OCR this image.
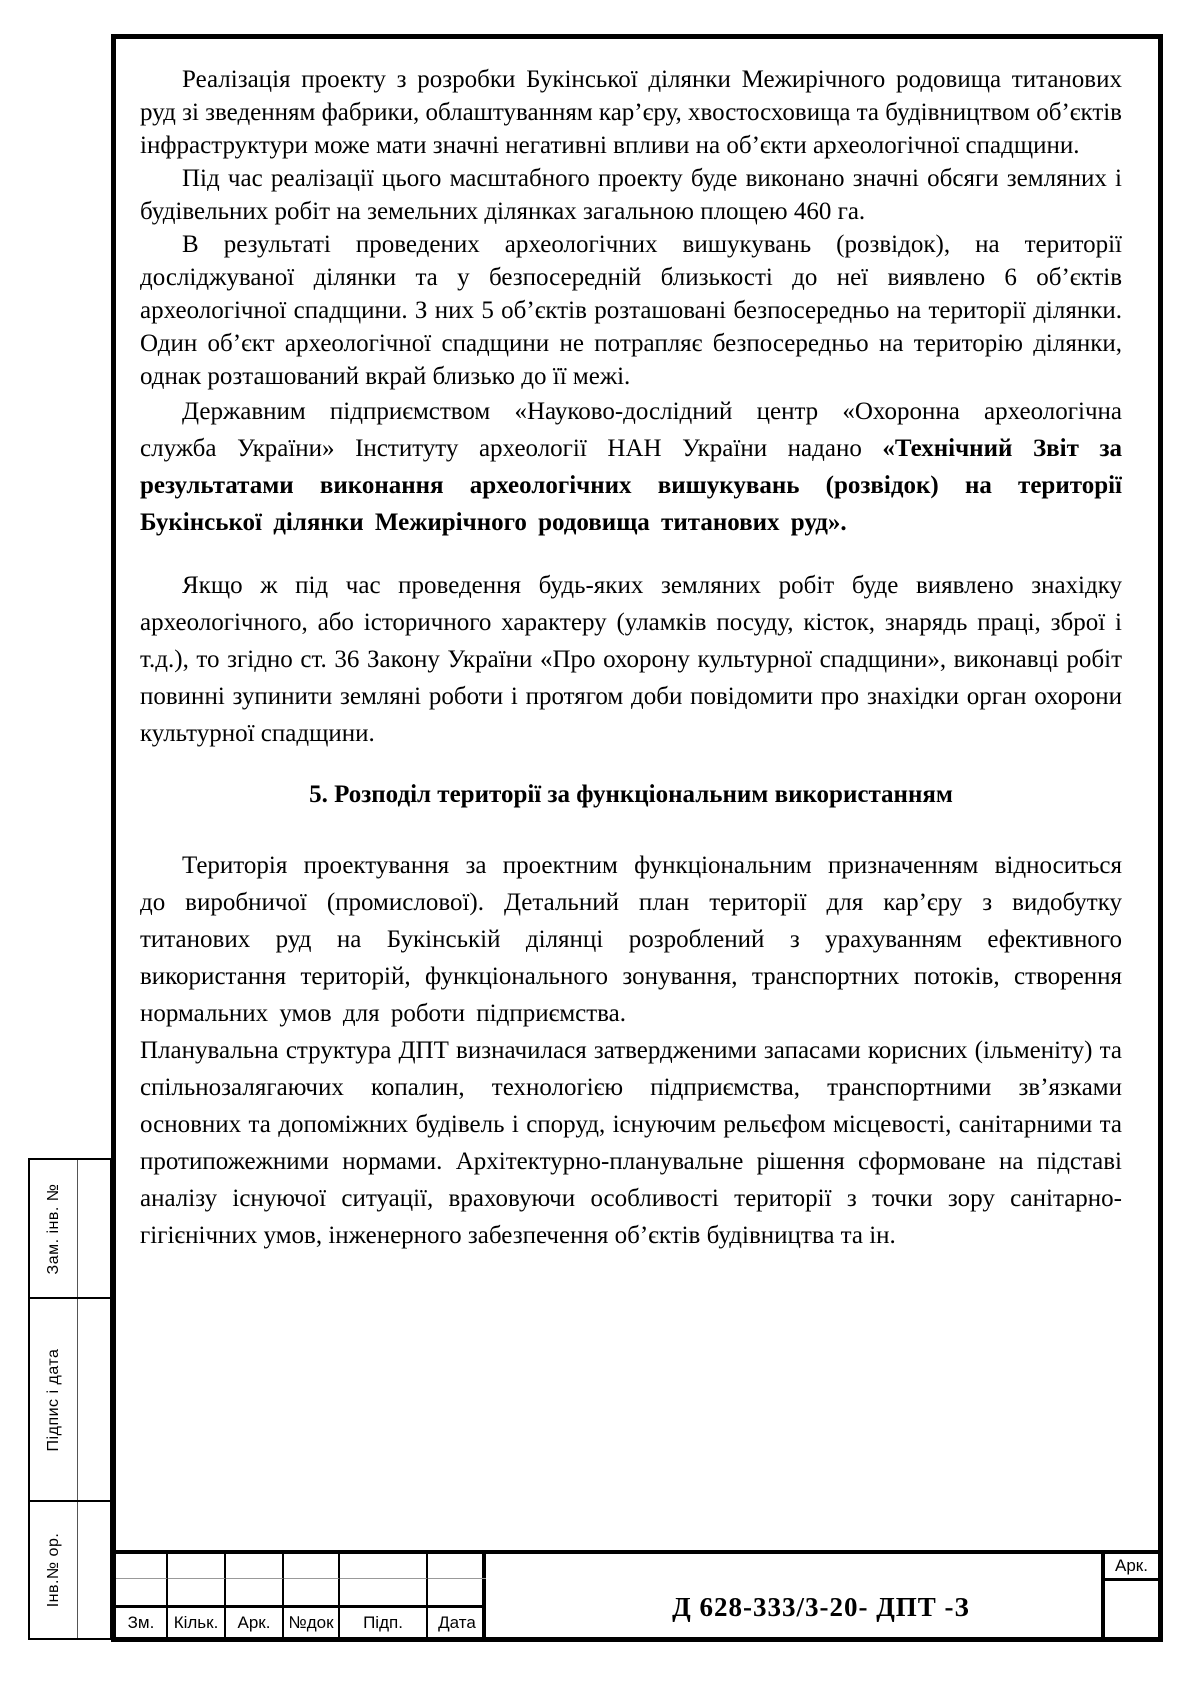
Зам. інв. №
Підпис і дата
Інв.№ ор.

Реалізація проекту з розробки Букінської ділянки Межирічного родовища титанових руд зі зведенням фабрики, облаштуванням кар’єру, хвостосховища та будівництвом об’єктів інфраструктури може мати значні негативні впливи на об’єкти археологічної спадщини.

Під час реалізації цього масштабного проекту буде виконано значні обсяги земляних і будівельних робіт на земельних ділянках загальною площею 460 га.

В результаті проведених археологічних вишукувань (розвідок), на території досліджуваної ділянки та у безпосередній близькості до неї виявлено 6 об’єктів археологічної спадщини. З них 5 об’єктів розташовані безпосередньо на території ділянки. Один об’єкт археологічної спадщини не потрапляє безпосередньо на територію ділянки, однак розташований вкрай близько до її межі.

Державним підприємством «Науково-дослідний центр «Охоронна археологічна служба України» Інституту археології НАН України надано «Технічний Звіт за результатами виконання археологічних вишукувань (розвідок) на території Букінської ділянки Межирічного родовища титанових руд».

Якщо ж під час проведення будь-яких земляних робіт буде виявлено знахідку археологічного, або історичного характеру (уламків посуду, кісток, знарядь праці, зброї і т.д.), то згідно ст. 36 Закону України «Про охорону культурної спадщини», виконавці робіт повинні зупинити земляні роботи і протягом доби повідомити про знахідки орган охорони культурної спадщини.

5. Розподіл території за функціональним використанням

Територія проектування за проектним функціональним призначенням відноситься до виробничої (промислової). Детальний план території для кар’єру з видобутку титанових руд на Букінській ділянці розроблений з урахуванням ефективного використання територій, функціонального зонування, транспортних потоків, створення нормальних умов для роботи підприємства.

Планувальна структура ДПТ визначилася затвердженими запасами корисних (ільменіту) та спільнозалягаючих копалин, технологією підприємства, транспортними зв’язками основних та допоміжних будівель і споруд, існуючим рельєфом місцевості, санітарними та протипожежними нормами. Архітектурно-планувальне рішення сформоване на підставі аналізу існуючої ситуації, враховуючи особливості території з точки зору санітарно-гігієнічних умов, інженерного забезпечення об’єктів будівництва та ін.

Зм.	Кільк.	Арк.	№док	Підп.	Дата	Д 628-333/3-20- ДПТ -З
Арк.
